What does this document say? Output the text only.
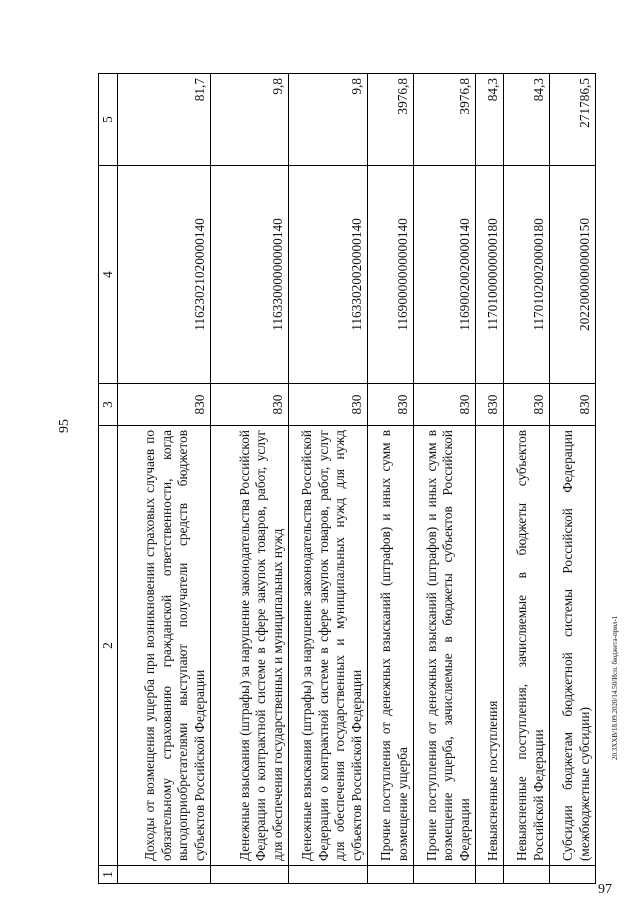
95
97
20.3XXВ/18.09.2020/14.50/Исп. бюджета-прил-1
1	2	3	4	5
	Доходы от возмещения ущерба при возникновении страховых случаев по обязательному страхованию гражданской ответственности, когда выгодоприобретателями выступают получатели средств бюджетов субъектов Российской Федерации	830	11623021020000140	81,7
	Денежные взыскания (штрафы) за нарушение законодательства Российской Федерации о контрактной системе в сфере закупок товаров, работ, услуг для обеспечения государственных и муниципальных нужд	830	11633000000000140	9,8
	Денежные взыскания (штрафы) за нарушение законодательства Российской Федерации о контрактной системе в сфере закупок товаров, работ, услуг для обеспечения государственных и муниципальных нужд для нужд субъектов Российской Федерации	830	11633020020000140	9,8
	Прочие поступления от денежных взысканий (штрафов) и иных сумм в возмещение ущерба	830	11690000000000140	3976,8
	Прочие поступления от денежных взысканий (штрафов) и иных сумм в возмещение ущерба, зачисляемые в бюджеты субъектов Российской Федерации	830	11690020020000140	3976,8
	Невыясненные поступления	830	11701000000000180	84,3
	Невыясненные поступления, зачисляемые в бюджеты субъектов Российской Федерации	830	11701020020000180	84,3
	Субсидии бюджетам бюджетной системы Российской Федерации (межбюджетные субсидии)	830	20220000000000150	271786,5
